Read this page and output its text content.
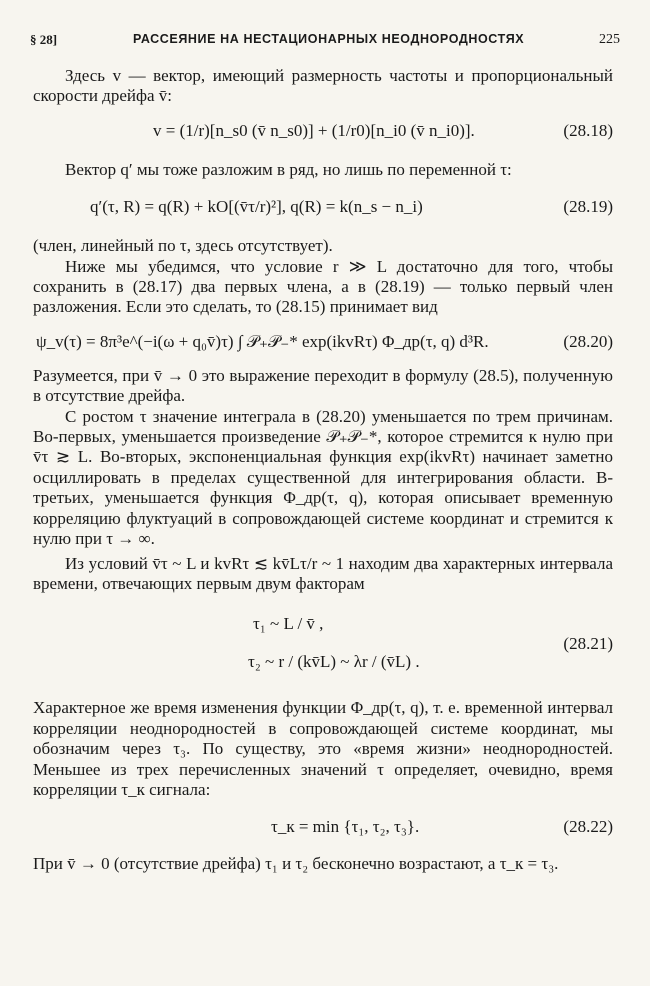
§ 28]	РАССЕЯНИЕ НА НЕСТАЦИОНАРНЫХ НЕОДНОРОДНОСТЯХ	225

Здесь v — вектор, имеющий размерность частоты и пропорциональный скорости дрейфа v̄:

v = (1/r)[n_s0 (v̄ n_s0)] + (1/r0)[n_i0 (v̄ n_i0)].	(28.18)

Вектор q′ мы тоже разложим в ряд, но лишь по переменной τ:

q′(τ, R) = q(R) + kO[(v̄τ/r)²], q(R) = k(n_s − n_i)	(28.19)

(член, линейный по τ, здесь отсутствует).

Ниже мы убедимся, что условие r ≫ L достаточно для того, чтобы сохранить в (28.17) два первых члена, а в (28.19) — только первый член разложения. Если это сделать, то (28.15) принимает вид

ψ_v(τ) = 8π³e^(−i(ω + q₀v̄)τ) ∫ 𝒫₊𝒫₋* exp(ikvRτ) Φ_др(τ, q) d³R.	(28.20)

Разумеется, при v̄ → 0 это выражение переходит в формулу (28.5), полученную в отсутствие дрейфа.

С ростом τ значение интеграла в (28.20) уменьшается по трем причинам. Во-первых, уменьшается произведение 𝒫₊𝒫₋*, которое стремится к нулю при v̄τ ≳ L. Во-вторых, экспоненциальная функция exp(ikvRτ) начинает заметно осциллировать в пределах существенной для интегрирования области. В-третьих, уменьшается функция Φ_др(τ, q), которая описывает временную корреляцию флуктуаций в сопровождающей системе координат и стремится к нулю при τ → ∞.

Из условий v̄τ ~ L и kvRτ ≲ kv̄Lτ/r ~ 1 находим два характерных интервала времени, отвечающих первым двум факторам

τ₁ ~ L / v̄ ,
τ₂ ~ r / (kv̄L) ~ λr / (v̄L) .
(28.21)

Характерное же время изменения функции Φ_др(τ, q), т. е. временной интервал корреляции неоднородностей в сопровождающей системе координат, мы обозначим через τ₃. По существу, это «время жизни» неоднородностей. Меньшее из трех перечисленных значений τ определяет, очевидно, время корреляции τ_к сигнала:

τ_к = min {τ₁, τ₂, τ₃}.	(28.22)

При v̄ → 0 (отсутствие дрейфа) τ₁ и τ₂ бесконечно возрастают, а τ_к = τ₃.
